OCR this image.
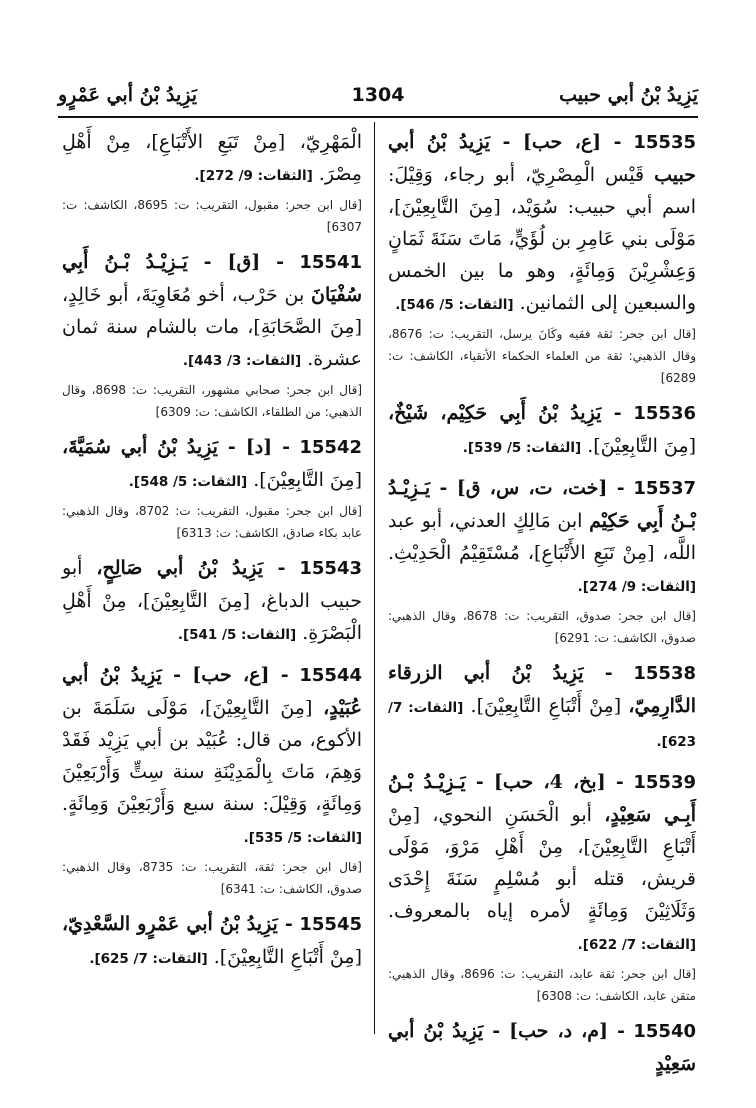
يَزِيدُ بْنُ أبي حبيب
1304
يَزِيدُ بْنُ أبي عَمْرٍو
15535 - [ع، حب] - يَزِيدُ بْنُ أبي حبيب قَيْس الْمِصْرِيّ، أبو رجاء، وَقِيْلَ: اسم أبي حبيب: سُوَيْد، [مِنَ التَّابِعِيْنَ]، مَوْلَى بني عَامِرِ بن لُؤَيٍّ، مَاتَ سَنَةَ ثَمَانٍ وَعِشْرِيْنَ وَمِائَةٍ، وهو ما بين الخمس والسبعين إلى الثمانين. [الثقات: 5/ 546].
[قال ابن جحر: ثقة فقيه وكَانَ يرسل، التقريب: ت: 8676، وقال الذهبي: ثقة من العلماء الحكماء الأتقياء، الكاشف: ت: 6289]
15536 - يَزِيدُ بْنُ أَبِي حَكِيْم، شَيْخٌ، [مِنَ التَّابِعِيْنَ]. [الثقات: 5/ 539].
15537 - [خت، ت، س، ق] - يَـزِيْـدُ بْـنُ أَبِي حَكِيْم ابن مَالِكٍ العدني، أبو عبد اللَّه، [مِنْ تَبَعِ الأَتْبَاعِ]، مُسْتَقِيْمُ الْحَدِيْثِ. [الثقات: 9/ 274].
[قال ابن جحر: صدوق، التقريب: ت: 8678، وقال الذهبي: صدوق، الكاشف: ت: 6291]
15538 - يَزِيدُ بْنُ أبي الزرقاء الدَّارِمِيّ، [مِنْ أَتْبَاعِ التَّابِعِيْنَ]. [الثقات: 7/ 623].
15539 - [بخ، 4، حب] - يَـزِيْـدُ بْـنُ أَبِـي سَعِيْدٍ، أبو الْحَسَنِ النحوي، [مِنْ أَتْبَاعِ التَّابِعِيْنَ]، مِنْ أَهْلِ مَرْوَ، مَوْلَى قريش، قتله أبو مُسْلِمٍ سَنَةَ إِحْدَى وَثَلَاثِيْنَ وَمِائَةٍ لأمره إياه بالمعروف. [الثقات: 7/ 622].
[قال ابن جحر: ثقة عابد، التقريب: ت: 8696، وقال الذهبي: متقن عابد، الكاشف: ت: 6308]
15540 - [م، د، حب] - يَزِيدُ بْنُ أبي سَعِيْدٍ
الْمَهْرِيّ، [مِنْ تَبَعِ الأَتْبَاعِ]، مِنْ أَهْلِ مِصْرَ. [الثقات: 9/ 272].
[قال ابن جحر: مقبول، التقريب: ت: 8695، الكاشف: ت: 6307]
15541 - [ق] - يَـزِيْـدُ بْـنُ أَبِي سُفْيَانَ بن حَرْب، أخو مُعَاوِيَةَ، أبو خَالِدٍ، [مِنَ الصَّحَابَةِ]، مات بالشام سنة ثمان عشرة. [الثقات: 3/ 443].
[قال ابن جحر: صحابي مشهور، التقريب: ت: 8698، وقال الذهبي: من الطلقاء، الكاشف: ت: 6309]
15542 - [د] - يَزِيدُ بْنُ أبي سُمَيَّةَ، [مِنَ التَّابِعِيْنَ]. [الثقات: 5/ 548].
[قال ابن جحر: مقبول، التقريب: ت: 8702، وقال الذهبي: عابد بكاء صادق، الكاشف: ت: 6313]
15543 - يَزِيدُ بْنُ أبي صَالِحٍ، أبو حبيب الدباغ، [مِنَ التَّابِعِيْنَ]، مِنْ أَهْلِ الْبَصْرَةِ. [الثقات: 5/ 541].
15544 - [ع، حب] - يَزِيدُ بْنُ أبي عُبَيْدٍ، [مِنَ التَّابِعِيْنَ]، مَوْلَى سَلَمَةَ بن الأكوع، من قال: عُبَيْد بن أبي يَزِيْد فَقَدْ وَهِمَ، مَاتَ بِالْمَدِيْنَةِ سنة سِتٍّ وَأَرْبَعِيْنَ وَمِائَةٍ، وَقِيْلَ: سنة سبع وَأَرْبَعِيْنَ وَمِائَةٍ. [الثقات: 5/ 535].
[قال ابن جحر: ثقة، التقريب: ت: 8735، وقال الذهبي: صدوق، الكاشف: ت: 6341]
15545 - يَزِيدُ بْنُ أبي عَمْرٍو السَّعْدِيّ، [مِنْ أَتْبَاعِ التَّابِعِيْنَ]. [الثقات: 7/ 625].
